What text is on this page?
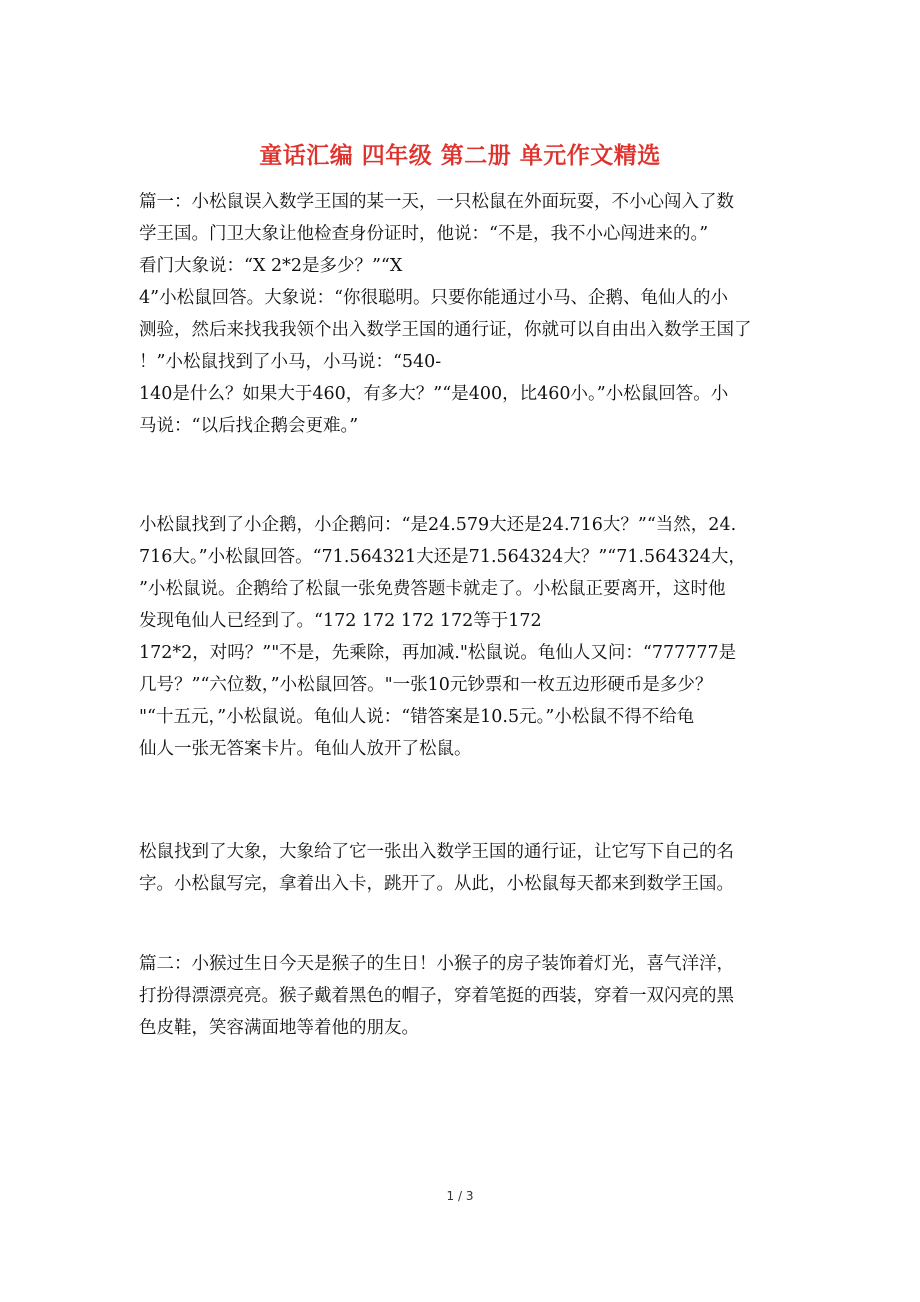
童话汇编 四年级 第二册 单元作文精选
篇一：小松鼠误入数学王国的某一天，一只松鼠在外面玩耍，不小心闯入了数
学王国。门卫大象让他检查身份证时，他说：“不是，我不小心闯进来的。”
看门大象说：“X 2*2是多少？”“X
4”小松鼠回答。大象说：“你很聪明。只要你能通过小马、企鹅、龟仙人的小
测验，然后来找我我领个出入数学王国的通行证，你就可以自由出入数学王国了
！”小松鼠找到了小马，小马说：“540-
140是什么？如果大于460，有多大？”“是400，比460小。”小松鼠回答。小
马说：“以后找企鹅会更难。”
小松鼠找到了小企鹅，小企鹅问：“是24.579大还是24.716大？”“当然，24.
716大。”小松鼠回答。“71.564321大还是71.564324大？”“71.564324大，
”小松鼠说。企鹅给了松鼠一张免费答题卡就走了。小松鼠正要离开，这时他
发现龟仙人已经到了。“172 172 172 172等于172
172*2，对吗？”"不是，先乘除，再加减."松鼠说。龟仙人又问：“777777是
几号？”“六位数，”小松鼠回答。"一张10元钞票和一枚五边形硬币是多少？
"“十五元，”小松鼠说。龟仙人说：“错答案是10.5元。”小松鼠不得不给龟
仙人一张无答案卡片。龟仙人放开了松鼠。
松鼠找到了大象，大象给了它一张出入数学王国的通行证，让它写下自己的名
字。小松鼠写完，拿着出入卡，跳开了。从此，小松鼠每天都来到数学王国。
篇二：小猴过生日今天是猴子的生日！小猴子的房子装饰着灯光，喜气洋洋，
打扮得漂漂亮亮。猴子戴着黑色的帽子，穿着笔挺的西装，穿着一双闪亮的黑
色皮鞋，笑容满面地等着他的朋友。
1 / 3
